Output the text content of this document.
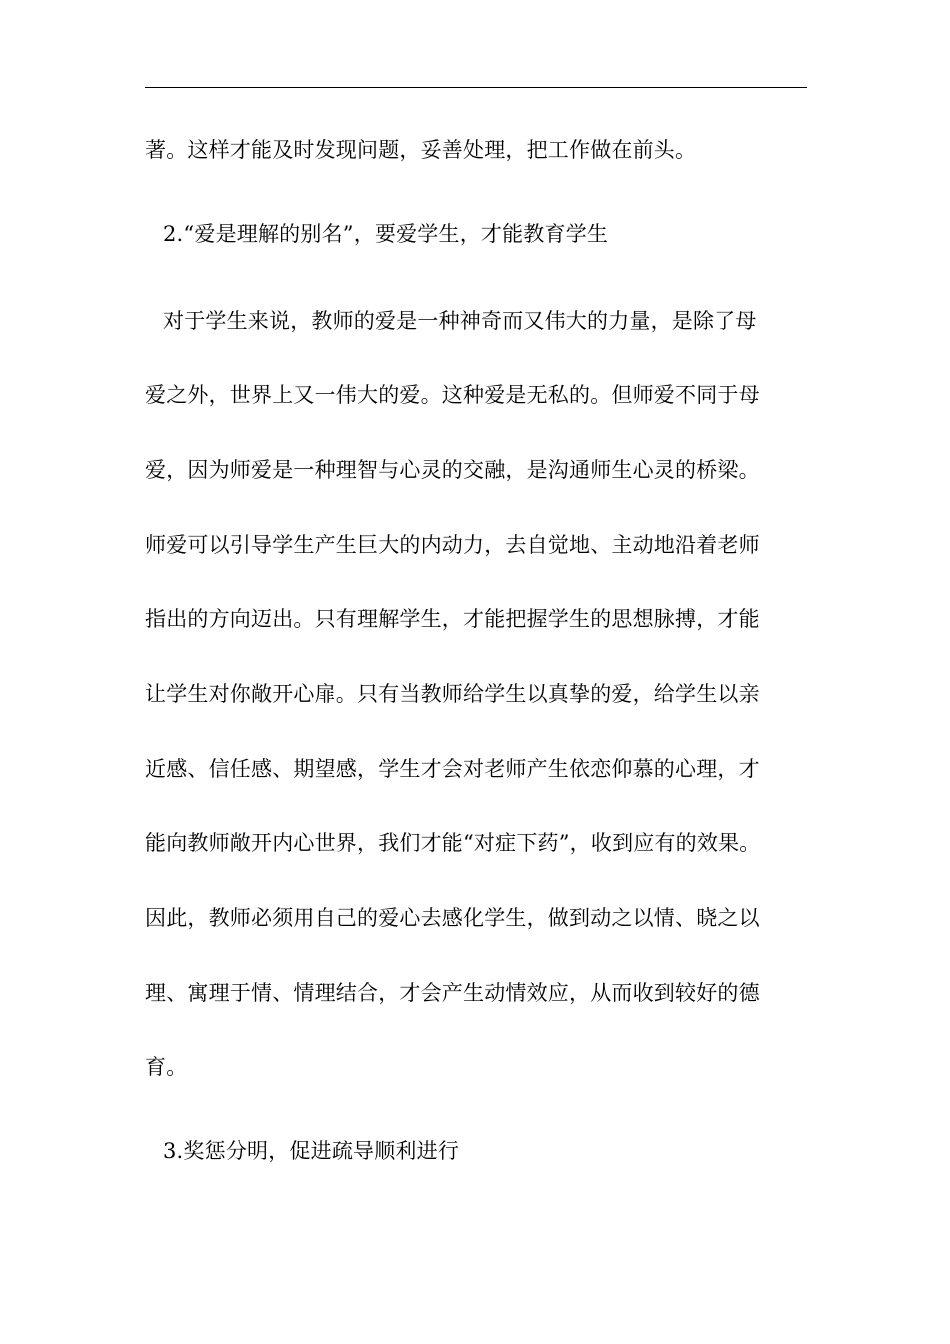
著。这样才能及时发现问题，妥善处理，把工作做在前头。
2.“爱是理解的别名”，要爱学生，才能教育学生
对于学生来说，教师的爱是一种神奇而又伟大的力量，是除了母
爱之外，世界上又一伟大的爱。这种爱是无私的。但师爱不同于母
爱，因为师爱是一种理智与心灵的交融，是沟通师生心灵的桥梁。
师爱可以引导学生产生巨大的内动力，去自觉地、主动地沿着老师
指出的方向迈出。只有理解学生，才能把握学生的思想脉搏，才能
让学生对你敞开心扉。只有当教师给学生以真挚的爱，给学生以亲
近感、信任感、期望感，学生才会对老师产生依恋仰慕的心理，才
能向教师敞开内心世界，我们才能“对症下药”，收到应有的效果。
因此，教师必须用自己的爱心去感化学生，做到动之以情、晓之以
理、寓理于情、情理结合，才会产生动情效应，从而收到较好的德
育。
3.奖惩分明，促进疏导顺利进行
